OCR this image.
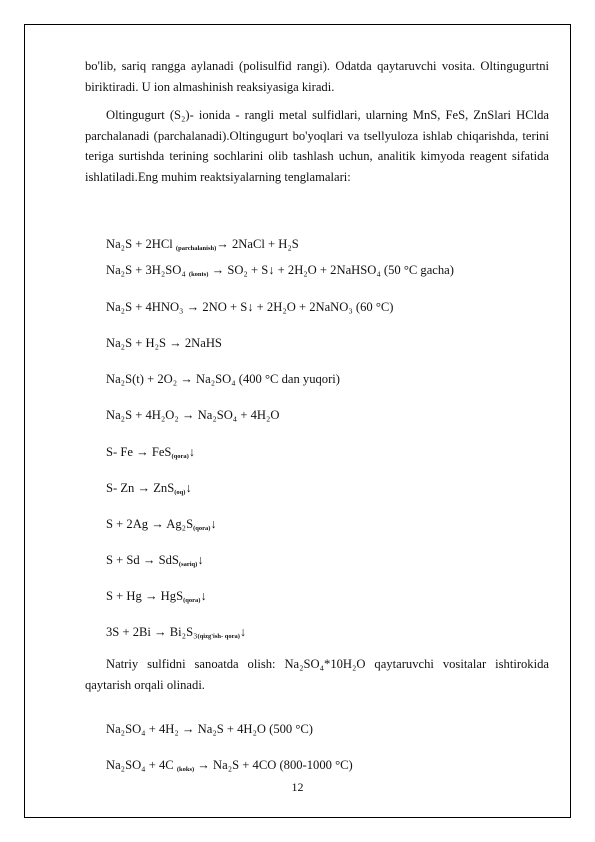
bo'lib, sariq rangga aylanadi (polisulfid rangi). Odatda qaytaruvchi vosita. Oltingugurtni biriktiradi. U ion almashinish reaksiyasiga kiradi.

Oltingugurt (S₂)- ionida - rangli metal sulfidlari, ularning MnS, FeS, ZnSlari HClda parchalanadi (parchalanadi).Oltingugurt bo'yoqlari va tsellyuloza ishlab chiqarishda, terini teriga surtishda terining sochlarini olib tashlash uchun, analitik kimyoda reagent sifatida ishlatiladi.Eng muhim reaktsiyalarning tenglamalari:

Na₂S + 2HCl (parchalanish)→ 2NaCl + H₂S
Na₂S + 3H₂SO₄ (konts) → SO₂ + S↓ + 2H₂O + 2NaHSO₄ (50 °C gacha)
Na₂S + 4HNO₃ → 2NO + S↓ + 2H₂O + 2NaNO₃ (60 °C)
Na₂S + H₂S → 2NaHS
Na₂S(t) + 2O₂ → Na₂SO₄ (400 °C dan yuqori)
Na₂S + 4H₂O₂ → Na₂SO₄ + 4H₂O
S- Fe → FeS(qora)↓
S- Zn → ZnS(oq)↓
S + 2Ag → Ag₂S(qora)↓
S + Sd → SdS(sariq)↓
S + Hg → HgS(qora)↓
3S + 2Bi → Bi₂S₃(qizg'ish- qora)↓

Natriy sulfidni sanoatda olish: Na₂SO₄*10H₂O qaytaruvchi vositalar ishtirokida qaytarish orqali olinadi.

Na₂SO₄ + 4H₂ → Na₂S + 4H₂O (500 °C)
Na₂SO₄ + 4C (koks) → Na₂S + 4CO (800-1000 °C)
12
